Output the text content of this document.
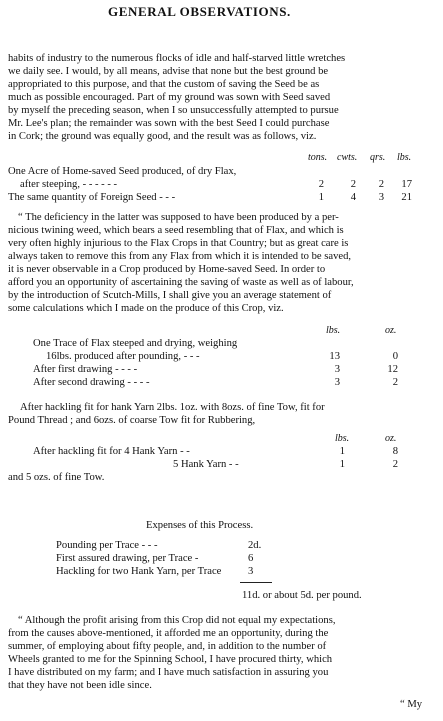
GENERAL OBSERVATIONS.
habits of industry to the numerous flocks of idle and half-starved little wretches
we daily see. I would, by all means, advise that none but the best ground be
appropriated to this purpose, and that the custom of saving the Seed be as
much as possible encouraged. Part of my ground was sown with Seed saved
by myself the preceding season, when I so unsuccessfully attempted to pursue
Mr. Lee's plan; the remainder was sown with the best Seed I could purchase
in Cork; the ground was equally good, and the result was as follows, viz.
tons. cwts. qrs. lbs.
One Acre of Home-saved Seed produced, of dry Flax,
after steeping, - - - - - -	2	2	2	17
The same quantity of Foreign Seed - - -	1	4	3	21
“ The deficiency in the latter was supposed to have been produced by a per-
nicious twining weed, which bears a seed resembling that of Flax, and which is
very often highly injurious to the Flax Crops in that Country; but as great care is
always taken to remove this from any Flax from which it is intended to be saved,
it is never observable in a Crop produced by Home-saved Seed. In order to
afford you an opportunity of ascertaining the saving of waste as well as of labour,
by the introduction of Scutch-Mills, I shall give you an average statement of
some calculations which I made on the produce of this Crop, viz.
lbs.	oz.
One Trace of Flax steeped and drying, weighing
16lbs. produced after pounding, - - -	13	0
After first drawing - - - -	3	12
After second drawing - - - -	3	2
After hackling fit for hank Yarn 2lbs. 1oz. with 8ozs. of fine Tow, fit for
Pound Thread ; and 6ozs. of coarse Tow fit for Rubbering,
lbs.	oz.
After hackling fit for 4 Hank Yarn - -	1	8
5 Hank Yarn - -	1	2
and 5 ozs. of fine Tow.
Expenses of this Process.
Pounding per Trace - - -	2d.
First assured drawing, per Trace -	6
Hackling for two Hank Yarn, per Trace	3
11d. or about 5d. per pound.
“ Although the profit arising from this Crop did not equal my expectations,
from the causes above-mentioned, it afforded me an opportunity, during the
summer, of employing about fifty people, and, in addition to the number of
Wheels granted to me for the Spinning School, I have procured thirty, which
I have distributed on my farm; and I have much satisfaction in assuring you
that they have not been idle since.
“ My
